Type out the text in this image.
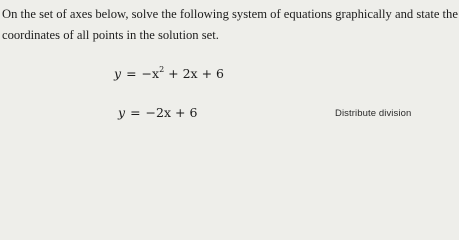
On the set of axes below, solve the following system of equations graphically and state the coordinates of all points in the solution set.

$y = -x^2 + 2x + 6$
y = −2x + 6	Distribute division
